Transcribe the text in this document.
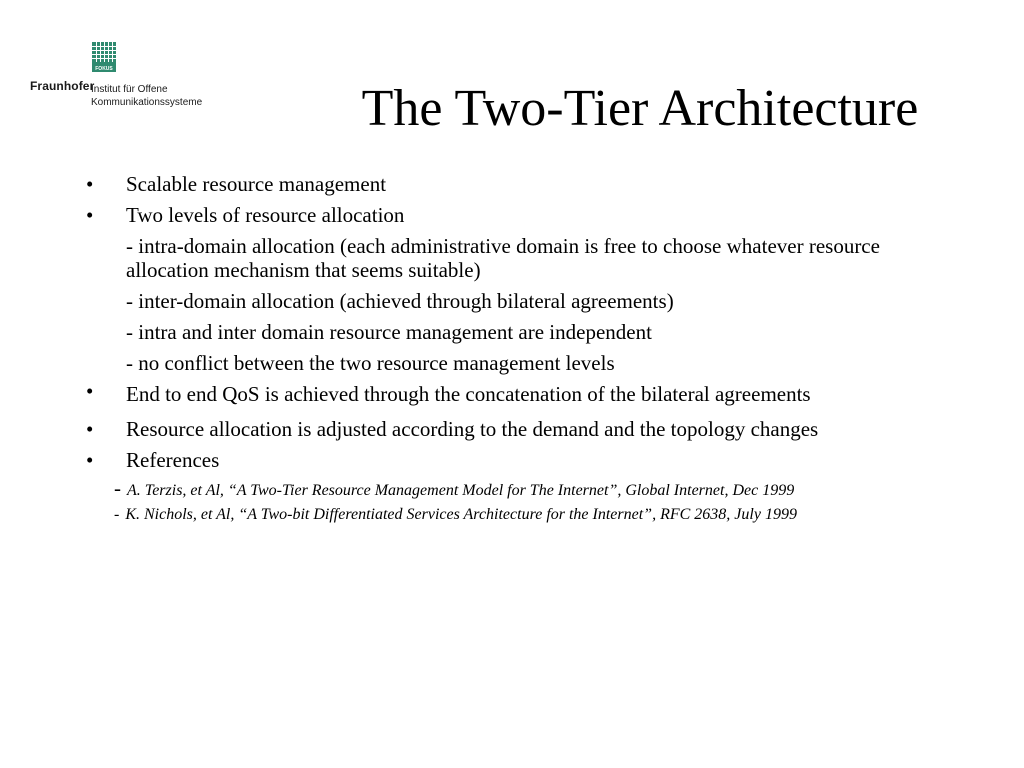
FOKUS
Fraunhofer
Institut für Offene
Kommunikationssysteme	The Two-Tier Architecture
• Scalable resource management
• Two levels of resource allocation
- intra-domain allocation (each administrative domain is free to choose whatever resource allocation mechanism that seems suitable)
- inter-domain allocation (achieved through bilateral agreements)
- intra and inter domain resource management are independent
- no conflict between the two resource management levels
• End to end QoS is achieved through the concatenation of the bilateral agreements
• Resource allocation is adjusted according to the demand and the topology changes
• References
- A. Terzis, et Al, “A Two-Tier Resource Management Model for The Internet”, Global Internet, Dec 1999
- K. Nichols, et Al, “A Two-bit Differentiated Services Architecture for the Internet”, RFC 2638, July 1999
